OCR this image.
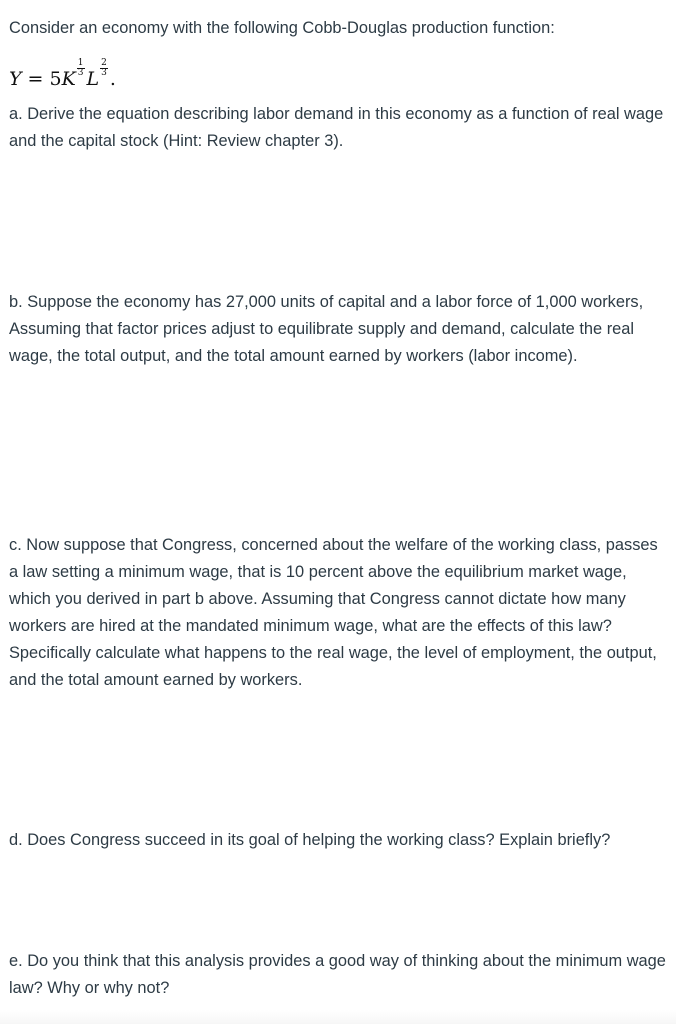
Consider an economy with the following Cobb-Douglas production function:

Y = 5 K $\frac{1}{3}$ L $\frac{2}{3}$ .

a. Derive the equation describing labor demand in this economy as a function of real wage and the capital stock (Hint: Review chapter 3).

b. Suppose the economy has 27,000 units of capital and a labor force of 1,000 workers, Assuming that factor prices adjust to equilibrate supply and demand, calculate the real wage, the total output, and the total amount earned by workers (labor income).

c. Now suppose that Congress, concerned about the welfare of the working class, passes a law setting a minimum wage, that is 10 percent above the equilibrium market wage, which you derived in part b above. Assuming that Congress cannot dictate how many workers are hired at the mandated minimum wage, what are the effects of this law? Specifically calculate what happens to the real wage, the level of employment, the output, and the total amount earned by workers.

d. Does Congress succeed in its goal of helping the working class? Explain briefly?

e. Do you think that this analysis provides a good way of thinking about the minimum wage law? Why or why not?
